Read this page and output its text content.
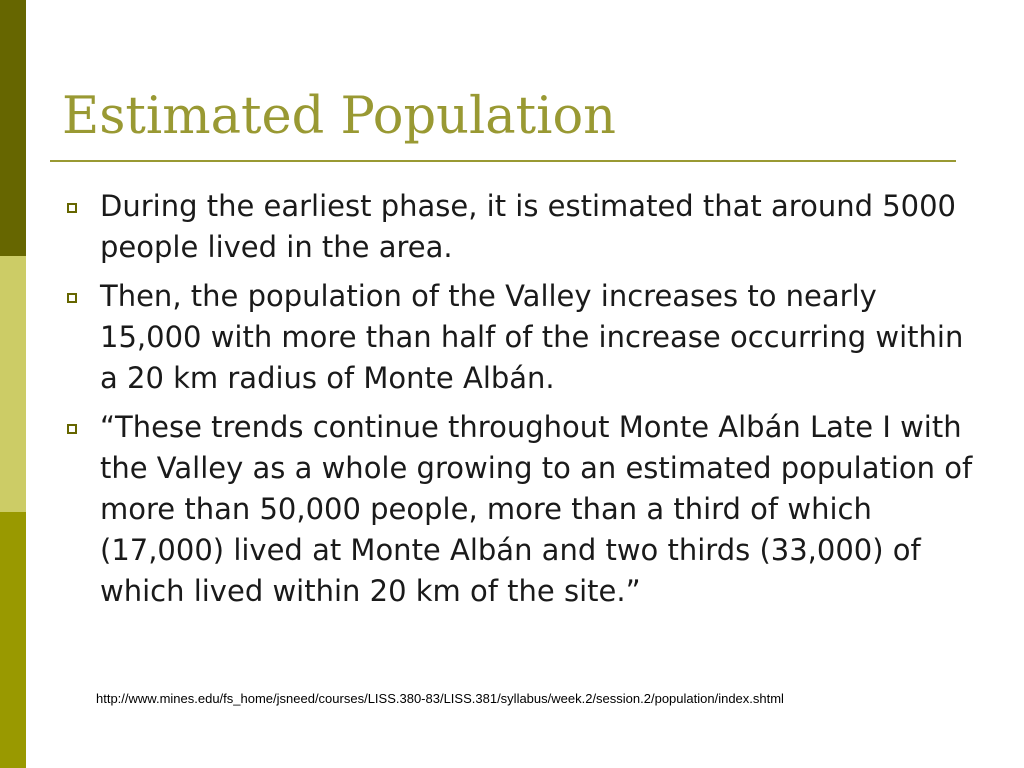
Estimated Population
During the earliest phase, it is estimated that around 5000 people lived in the area.
Then, the population of the Valley increases to nearly 15,000 with more than half of the increase occurring within a 20 km radius of Monte Albán.
“These trends continue throughout Monte Albán Late I with the Valley as a whole growing to an estimated population of more than 50,000 people, more than a third of which (17,000) lived at Monte Albán and two thirds (33,000) of which lived within 20 km of the site.”
http://www.mines.edu/fs_home/jsneed/courses/LISS.380-83/LISS.381/syllabus/week.2/session.2/population/index.shtml
